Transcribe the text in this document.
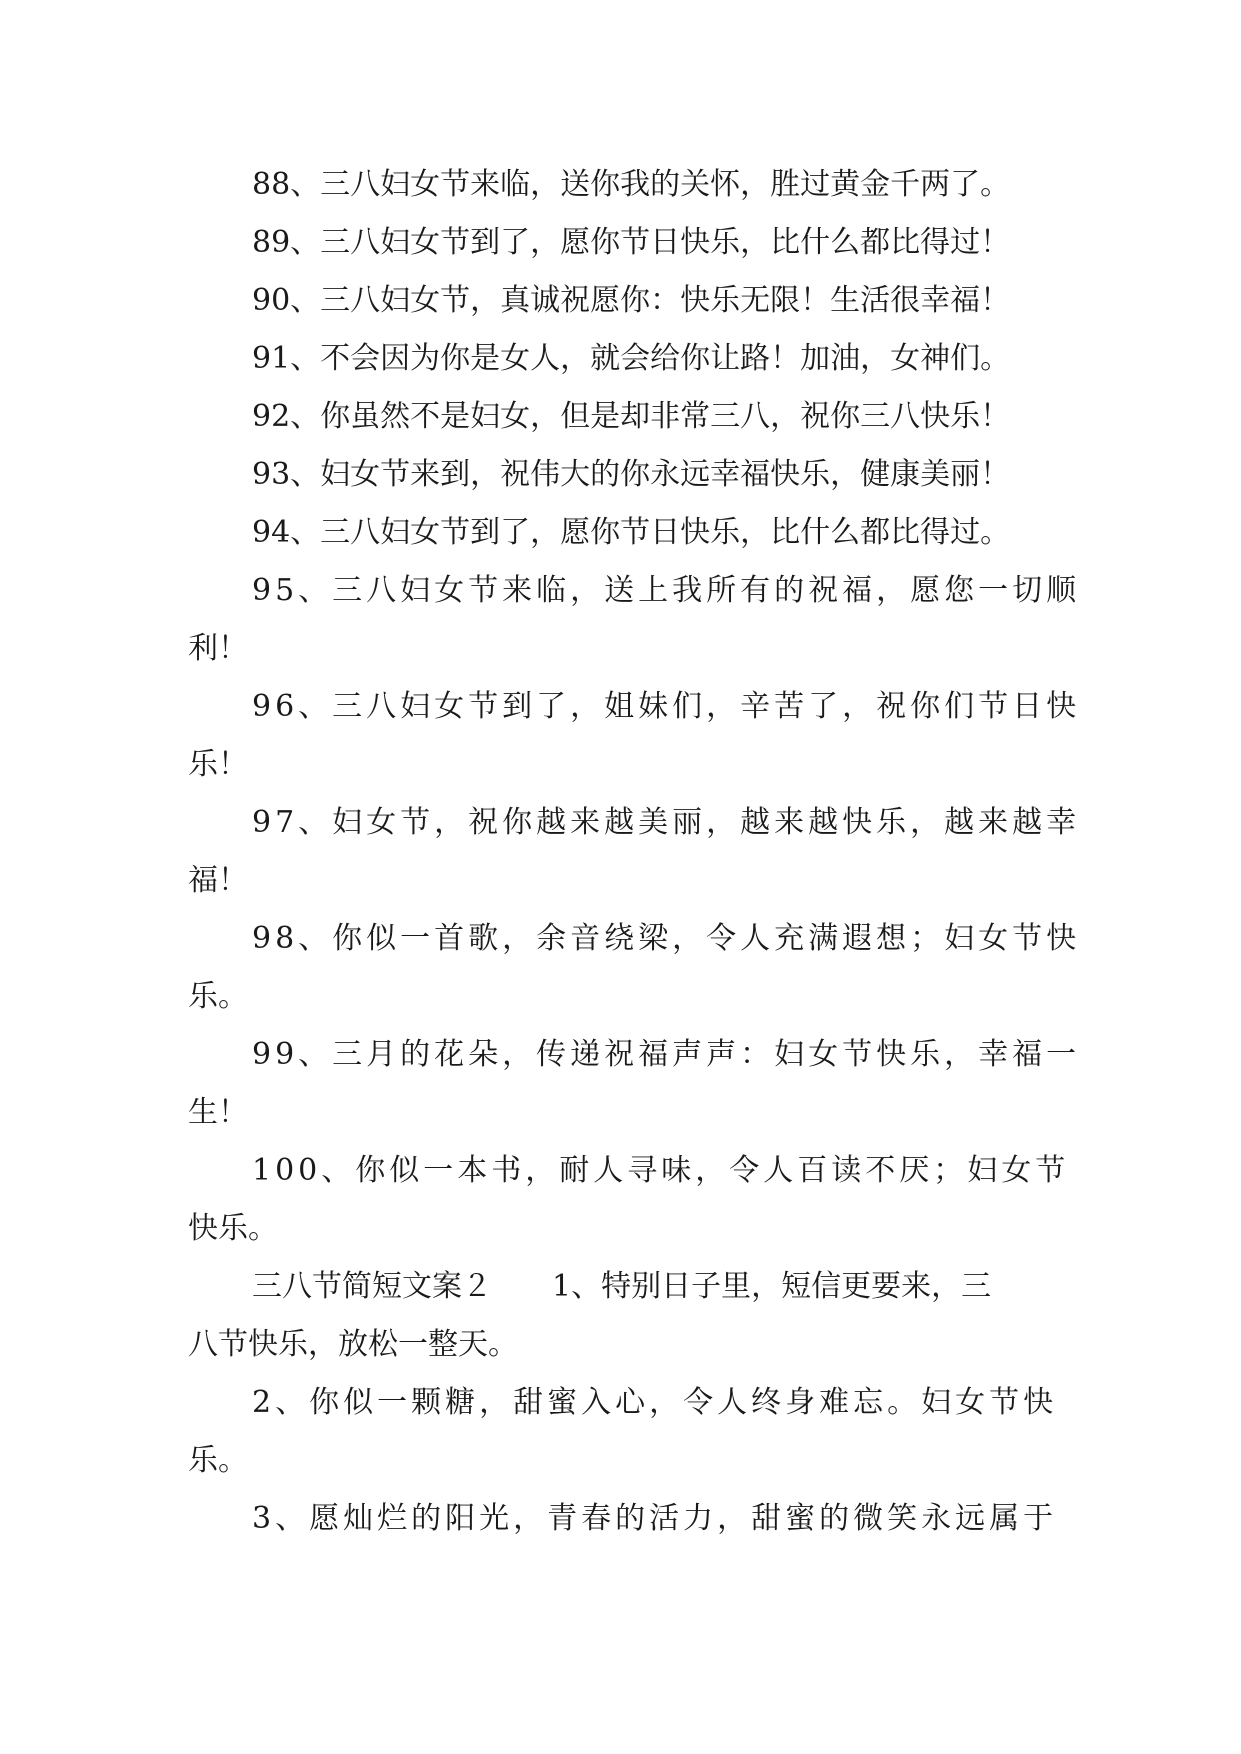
88、三八妇女节来临，送你我的关怀，胜过黄金千两了。
89、三八妇女节到了，愿你节日快乐，比什么都比得过！
90、三八妇女节，真诚祝愿你：快乐无限！生活很幸福！
91、不会因为你是女人，就会给你让路！加油，女神们。
92、你虽然不是妇女，但是却非常三八，祝你三八快乐！
93、妇女节来到，祝伟大的你永远幸福快乐，健康美丽！
94、三八妇女节到了，愿你节日快乐，比什么都比得过。
95、三八妇女节来临，送上我所有的祝福，愿您一切顺
利！
96、三八妇女节到了，姐妹们，辛苦了，祝你们节日快
乐！
97、妇女节，祝你越来越美丽，越来越快乐，越来越幸
福！
98、你似一首歌，余音绕梁，令人充满遐想；妇女节快
乐。
99、三月的花朵，传递祝福声声：妇女节快乐，幸福一
生！
100、你似一本书，耐人寻味，令人百读不厌；妇女节
快乐。
三八节简短文案２　　1、特别日子里，短信更要来，三
八节快乐，放松一整天。
2、你似一颗糖，甜蜜入心，令人终身难忘。妇女节快
乐。
3、愿灿烂的阳光，青春的活力，甜蜜的微笑永远属于
